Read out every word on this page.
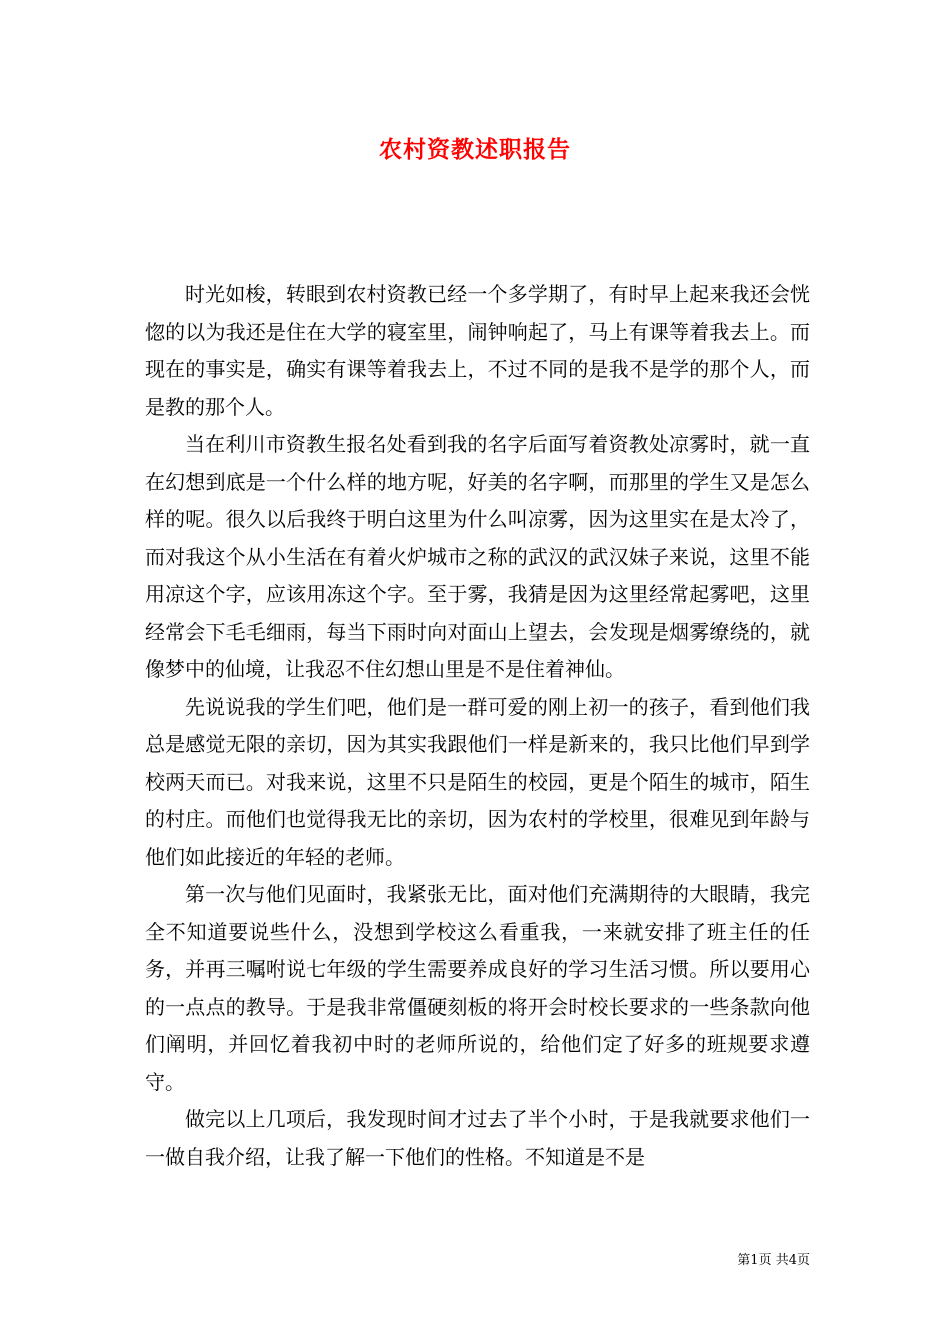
农村资教述职报告

时光如梭，转眼到农村资教已经一个多学期了，有时早上起来我还会恍惚的以为我还是住在大学的寝室里，闹钟响起了，马上有课等着我去上。而现在的事实是，确实有课等着我去上，不过不同的是我不是学的那个人，而是教的那个人。

当在利川市资教生报名处看到我的名字后面写着资教处凉雾时，就一直在幻想到底是一个什么样的地方呢，好美的名字啊，而那里的学生又是怎么样的呢。很久以后我终于明白这里为什么叫凉雾，因为这里实在是太冷了，而对我这个从小生活在有着火炉城市之称的武汉的武汉妹子来说，这里不能用凉这个字，应该用冻这个字。至于雾，我猜是因为这里经常起雾吧，这里经常会下毛毛细雨，每当下雨时向对面山上望去，会发现是烟雾缭绕的，就像梦中的仙境，让我忍不住幻想山里是不是住着神仙。

先说说我的学生们吧，他们是一群可爱的刚上初一的孩子，看到他们我总是感觉无限的亲切，因为其实我跟他们一样是新来的，我只比他们早到学校两天而已。对我来说，这里不只是陌生的校园，更是个陌生的城市，陌生的村庄。而他们也觉得我无比的亲切，因为农村的学校里，很难见到年龄与他们如此接近的年轻的老师。

第一次与他们见面时，我紧张无比，面对他们充满期待的大眼睛，我完全不知道要说些什么，没想到学校这么看重我，一来就安排了班主任的任务，并再三嘱咐说七年级的学生需要养成良好的学习生活习惯。所以要用心的一点点的教导。于是我非常僵硬刻板的将开会时校长要求的一些条款向他们阐明，并回忆着我初中时的老师所说的，给他们定了好多的班规要求遵守。

做完以上几项后，我发现时间才过去了半个小时，于是我就要求他们一一做自我介绍，让我了解一下他们的性格。不知道是不是

第1页 共4页
